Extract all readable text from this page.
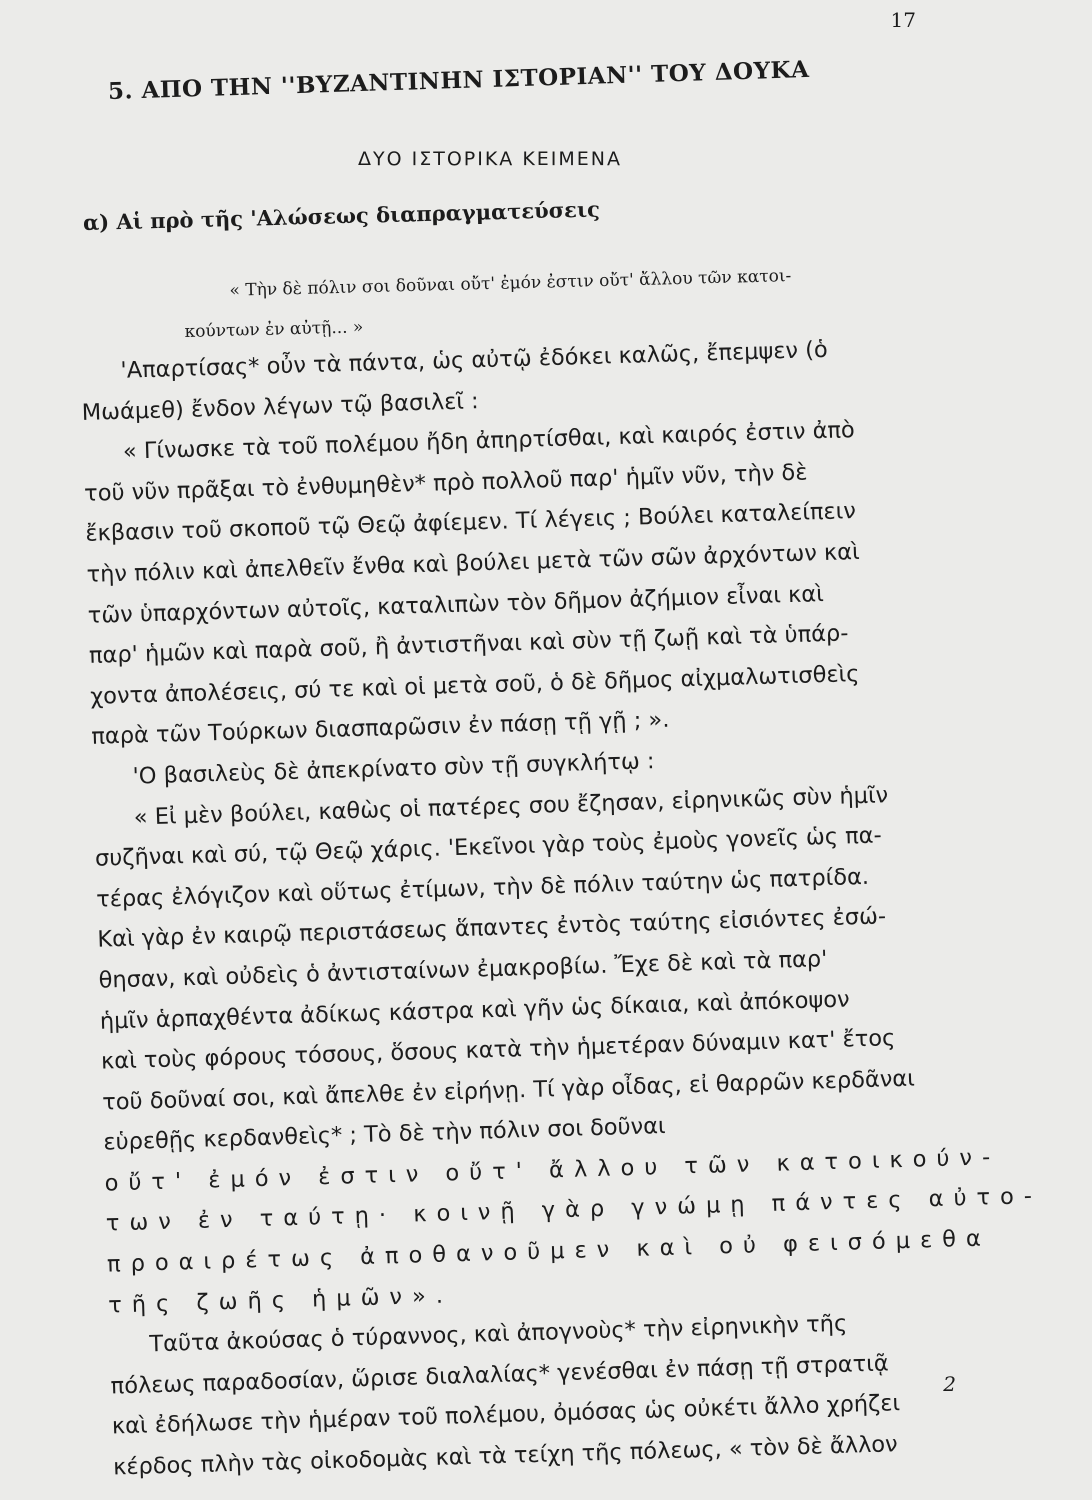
17
5. ΑΠΟ ΤΗΝ ''ΒΥΖΑΝΤΙΝΗΝ ΙΣΤΟΡΙΑΝ'' ΤΟΥ ΔΟΥΚΑ
ΔΥΟ ΙΣΤΟΡΙΚΑ ΚΕΙΜΕΝΑ
α) Αἱ πρὸ τῆς 'Αλώσεως διαπραγματεύσεις
« Τὴν δὲ πόλιν σοι δοῦναι οὔτ' ἐμόν ἐστιν οὔτ' ἄλλου τῶν κατοι-
κούντων ἐν αὐτῇ... »
'Απαρτίσας* οὖν τὰ πάντα, ὡς αὐτῷ ἐδόκει καλῶς, ἔπεμψεν (ὁ
Μωάμεθ) ἔνδον λέγων τῷ βασιλεῖ :
« Γίνωσκε τὰ τοῦ πολέμου ἤδη ἀπηρτίσθαι, καὶ καιρός ἐστιν ἀπὸ
τοῦ νῦν πρᾶξαι τὸ ἐνθυμηθὲν* πρὸ πολλοῦ παρ' ἡμῖν νῦν, τὴν δὲ
ἔκβασιν τοῦ σκοποῦ τῷ Θεῷ ἀφίεμεν. Τί λέγεις ; Βούλει καταλείπειν
τὴν πόλιν καὶ ἀπελθεῖν ἔνθα καὶ βούλει μετὰ τῶν σῶν ἀρχόντων καὶ
τῶν ὑπαρχόντων αὐτοῖς, καταλιπὼν τὸν δῆμον ἀζήμιον εἶναι καὶ
παρ' ἡμῶν καὶ παρὰ σοῦ, ἢ ἀντιστῆναι καὶ σὺν τῇ ζωῇ καὶ τὰ ὑπάρ-
χοντα ἀπολέσεις, σύ τε καὶ οἱ μετὰ σοῦ, ὁ δὲ δῆμος αἰχμαλωτισθεὶς
παρὰ τῶν Τούρκων διασπαρῶσιν ἐν πάσῃ τῇ γῇ ; ».
'Ο βασιλεὺς δὲ ἀπεκρίνατο σὺν τῇ συγκλήτῳ :
« Εἰ μὲν βούλει, καθὼς οἱ πατέρες σου ἔζησαν, εἰρηνικῶς σὺν ἡμῖν
συζῆναι καὶ σύ, τῷ Θεῷ χάρις. 'Εκεῖνοι γὰρ τοὺς ἐμοὺς γονεῖς ὡς πα-
τέρας ἐλόγιζον καὶ οὕτως ἐτίμων, τὴν δὲ πόλιν ταύτην ὡς πατρίδα.
Καὶ γὰρ ἐν καιρῷ περιστάσεως ἅπαντες ἐντὸς ταύτης εἰσιόντες ἐσώ-
θησαν, καὶ οὐδεὶς ὁ ἀντισταίνων ἐμακροβίω. Ἔχε δὲ καὶ τὰ παρ'
ἡμῖν ἁρπαχθέντα ἀδίκως κάστρα καὶ γῆν ὡς δίκαια, καὶ ἀπόκοψον
καὶ τοὺς φόρους τόσους, ὅσους κατὰ τὴν ἡμετέραν δύναμιν κατ' ἔτος
τοῦ δοῦναί σοι, καὶ ἄπελθε ἐν εἰρήνῃ. Τί γὰρ οἶδας, εἰ θαρρῶν κερδᾶναι
εὑρεθῇς κερδανθεὶς* ; Τὸ δὲ τὴν πόλιν σοι δοῦναι
οὔτ' ἐμόν ἐστιν οὔτ' ἄλλου τῶν κατοικούν-
των ἐν ταύτῃ· κοινῇ γὰρ γνώμῃ πάντες αὐτο-
προαιρέτως ἀποθανοῦμεν καὶ οὐ φεισόμεθα
τῆς ζωῆς ἡμῶν».
Ταῦτα ἀκούσας ὁ τύραννος, καὶ ἀπογνοὺς* τὴν εἰρηνικὴν τῆς
πόλεως παραδοσίαν, ὥρισε διαλαλίας* γενέσθαι ἐν πάσῃ τῇ στρατιᾷ
καὶ ἐδήλωσε τὴν ἡμέραν τοῦ πολέμου, ὀμόσας ὡς οὐκέτι ἄλλο χρήζει
κέρδος πλὴν τὰς οἰκοδομὰς καὶ τὰ τείχη τῆς πόλεως, « τὸν δὲ ἄλλον
2
